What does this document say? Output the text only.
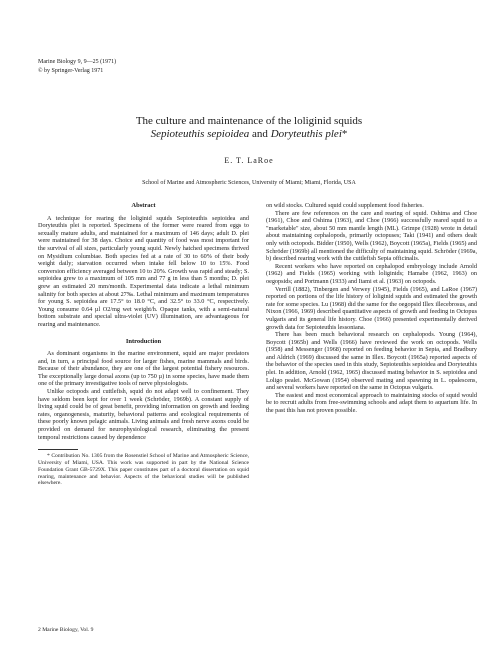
Marine Biology 9, 9—25 (1971)
© by Springer-Verlag 1971
The culture and maintenance of the loliginid squids
Sepioteuthis sepioidea and Doryteuthis plei*
E. T. LaRoe
School of Marine and Atmospheric Sciences, University of Miami; Miami, Florida, USA
Abstract

A technique for rearing the loliginid squids Sepioteuthis sepioidea and Doryteuthis plei is reported. Specimens of the former were reared from eggs to sexually mature adults, and maintained for a maximum of 146 days; adult D. plei were maintained for 38 days. Choice and quantity of food was most important for the survival of all sizes, particularly young squid. Newly hatched specimens thrived on Mysidium columbiae. Both species fed at a rate of 30 to 60% of their body weight daily; starvation occurred when intake fell below 10 to 15%. Food conversion efficiency averaged between 10 to 20%. Growth was rapid and steady; S. sepioidea grew to a maximum of 105 mm and 77 g in less than 5 months; D. plei grew an estimated 20 mm/month. Experimental data indicate a lethal minimum salinity for both species at about 27‰. Lethal minimum and maximum temperatures for young S. sepioidea are 17.5° to 18.0 °C, and 32.5° to 33.0 °C, respectively. Young consume 0.64 µl O2/mg wet weight/h. Opaque tanks, with a semi-natural bottom substrate and special ultra-violet (UV) illumination, are advantageous for rearing and maintenance.

Introduction

As dominant organisms in the marine environment, squid are major predators and, in turn, a principal food source for larger fishes, marine mammals and birds. Because of their abundance, they are one of the largest potential fishery resources. The exceptionally large dorsal axons (up to 750 µ) in some species, have made them one of the primary investigative tools of nerve physiologists.

Unlike octopods and cuttlefish, squid do not adapt well to confinement. They have seldom been kept for over 1 week (Schröder, 1969b). A constant supply of living squid could be of great benefit, providing information on growth and feeding rates, organogenesis, maturity, behavioral patterns and ecological requirements of these poorly known pelagic animals. Living animals and fresh nerve axons could be provided on demand for neurophysiological research, eliminating the present temporal restrictions caused by dependence

* Contribution No. 1305 from the Rosenstiel School of Marine and Atmospheric Science, University of Miami, USA. This work was supported in part by the National Science Foundation Grant GB-5729X. This paper constitutes part of a doctoral dissertation on squid rearing, maintenance and behavior. Aspects of the behavioral studies will be published elsewhere.

on wild stocks. Cultured squid could supplement food fisheries.

There are few references on the care and rearing of squid. Oshima and Choe (1961), Choe and Oshima (1963), and Choe (1966) successfully reared squid to a "marketable" size, about 50 mm mantle length (ML). Grimpe (1928) wrote in detail about maintaining cephalopods, primarily octopuses; Taki (1941) and others dealt only with octopods. Bidder (1950), Wells (1962), Boycott (1965a), Fields (1965) and Schröder (1969b) all mentioned the difficulty of maintaining squid. Schröder (1969a, b) described rearing work with the cuttlefish Sepia officinalis.

Recent workers who have reported on cephalopod embryology include Arnold (1962) and Fields (1965) working with loliginids; Hamabe (1962, 1963) on oegopsids; and Portmann (1933) and Itami et al. (1963) on octopods.

Verrill (1882), Tinbergen and Verwey (1945), Fields (1965), and LaRoe (1967) reported on portions of the life history of loliginid squids and estimated the growth rate for some species. Lu (1968) did the same for the oegopsid Illex illecebrosus, and Nixon (1966, 1969) described quantitative aspects of growth and feeding in Octopus vulgaris and its general life history. Choe (1966) presented experimentally derived growth data for Sepioteuthis lessoniana.

There has been much behavioral research on cephalopods. Young (1964), Boycott (1965b) and Wells (1966) have reviewed the work on octopods. Wells (1958) and Messenger (1968) reported on feeding behavior in Sepia, and Bradbury and Aldrich (1969) discussed the same in Illex. Boycott (1965a) reported aspects of the behavior of the species used in this study, Sepioteuthis sepioidea and Doryteuthis plei. In addition, Arnold (1962, 1965) discussed mating behavior in S. sepioidea and Loligo pealei. McGowan (1954) observed mating and spawning in L. opalescens, and several workers have reported on the same in Octopus vulgaris.

The easiest and most economical approach to maintaining stocks of squid would be to recruit adults from free-swimming schools and adapt them to aquarium life. In the past this has not proven possible.

2 Marine Biology, Vol. 9
